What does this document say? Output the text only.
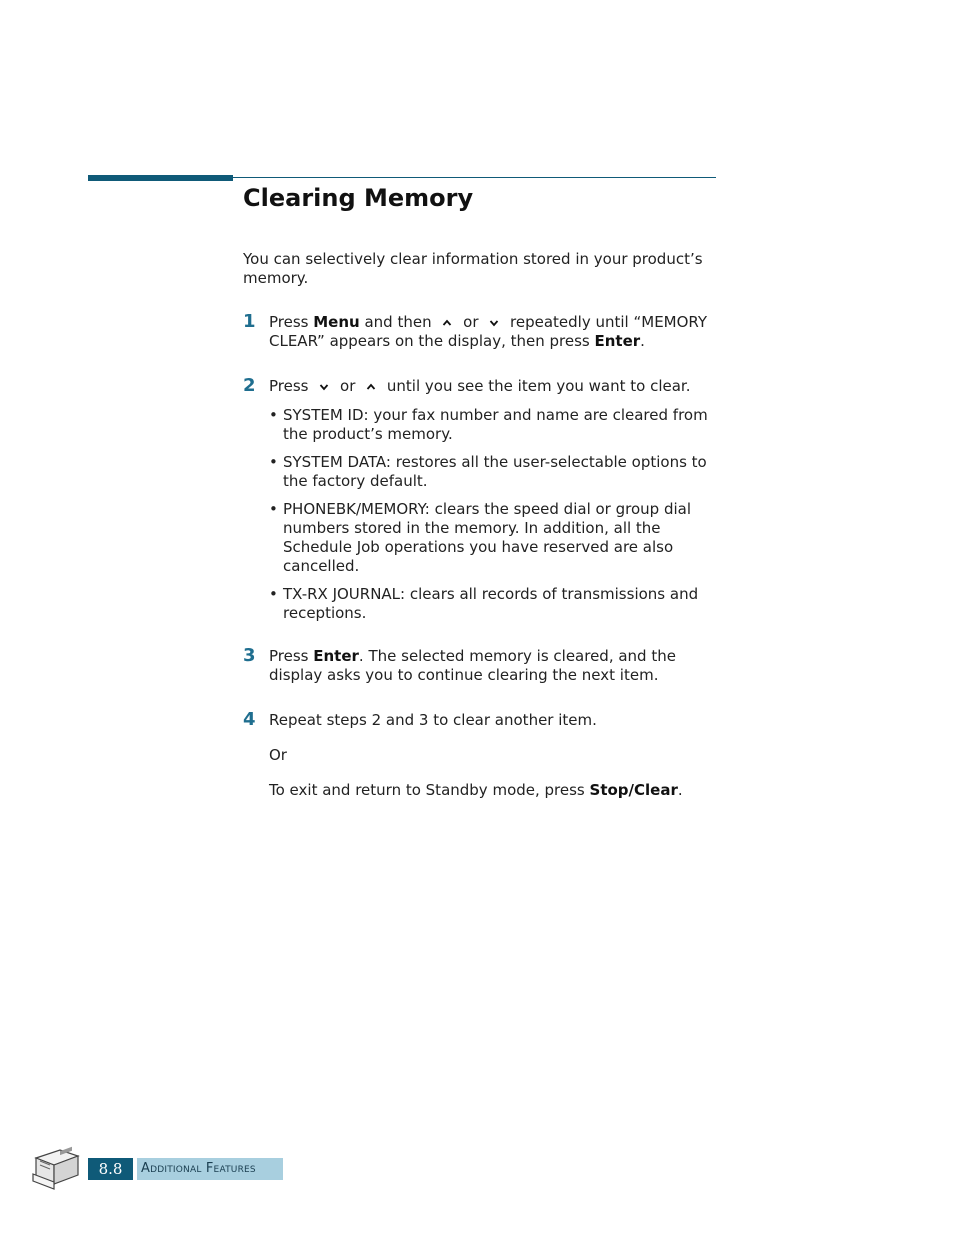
Clearing Memory
You can selectively clear information stored in your product’s memory.
1 Press Menu and then
or
repeatedly until “MEMORY CLEAR” appears on the display, then press Enter.
2 Press
or
until you see the item you want to clear.
• SYSTEM ID: your fax number and name are cleared from the product’s memory.
• SYSTEM DATA: restores all the user-selectable options to the factory default.
• PHONEBK/MEMORY: clears the speed dial or group dial numbers stored in the memory. In addition, all the Schedule Job operations you have reserved are also cancelled.
• TX-RX JOURNAL: clears all records of transmissions and receptions.
3 Press Enter. The selected memory is cleared, and the display asks you to continue clearing the next item.
4 Repeat steps 2 and 3 to clear another item.
Or
To exit and return to Standby mode, press Stop/Clear.
8.8	Additional Features
